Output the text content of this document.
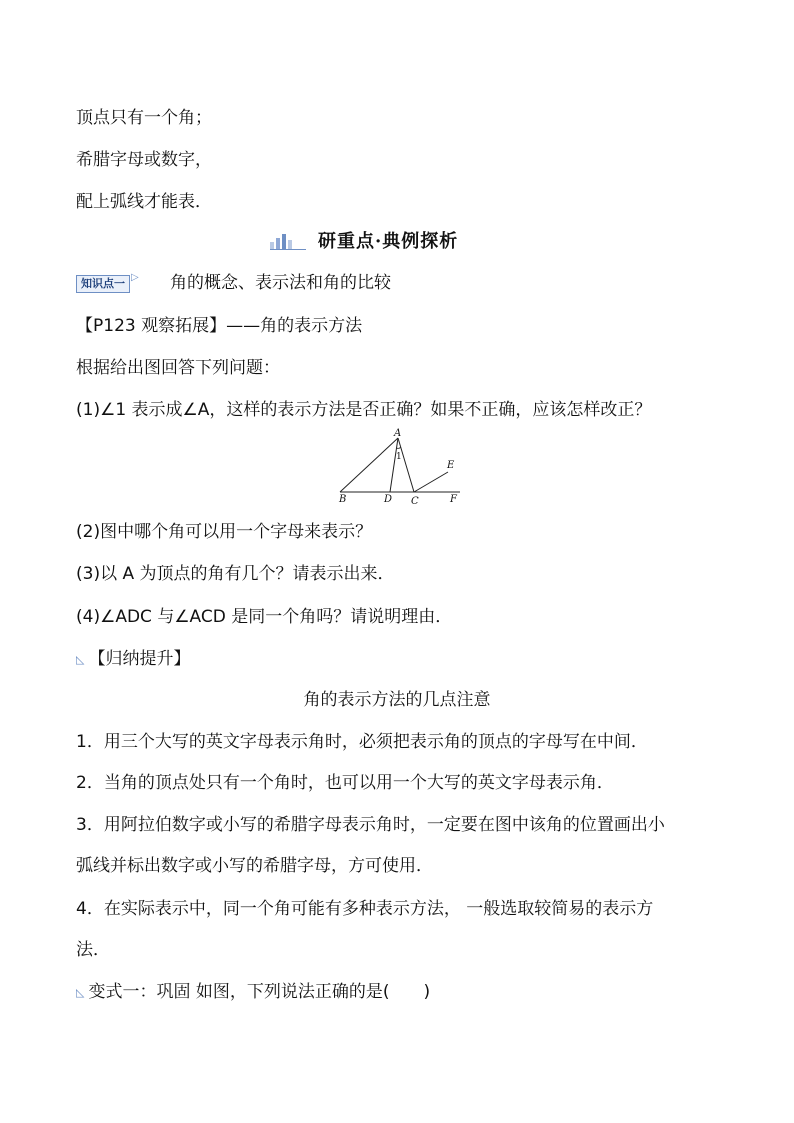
顶点只有一个角；
希腊字母或数字，
配上弧线才能表．
研重点·典例探析
知识点一 ▷ 角的概念、表示法和角的比较
【P123 观察拓展】——角的表示方法
根据给出图回答下列问题：
(1)∠1 表示成∠A，这样的表示方法是否正确？如果不正确，应该怎样改正？
A
B	D C
E
F
1
(2)图中哪个角可以用一个字母来表示？
(3)以 A 为顶点的角有几个？请表示出来．
(4)∠ADC 与∠ACD 是同一个角吗？请说明理由．
◺ 【归纳提升】
角的表示方法的几点注意
1．用三个大写的英文字母表示角时，必须把表示角的顶点的字母写在中间．
2．当角的顶点处只有一个角时，也可以用一个大写的英文字母表示角．
3．用阿拉伯数字或小写的希腊字母表示角时，一定要在图中该角的位置画出小
弧线并标出数字或小写的希腊字母，方可使用．
4．在实际表示中，同一个角可能有多种表示方法， 一般选取较简易的表示方
法．
◺ 变式一：巩固 如图，下列说法正确的是(　　)
